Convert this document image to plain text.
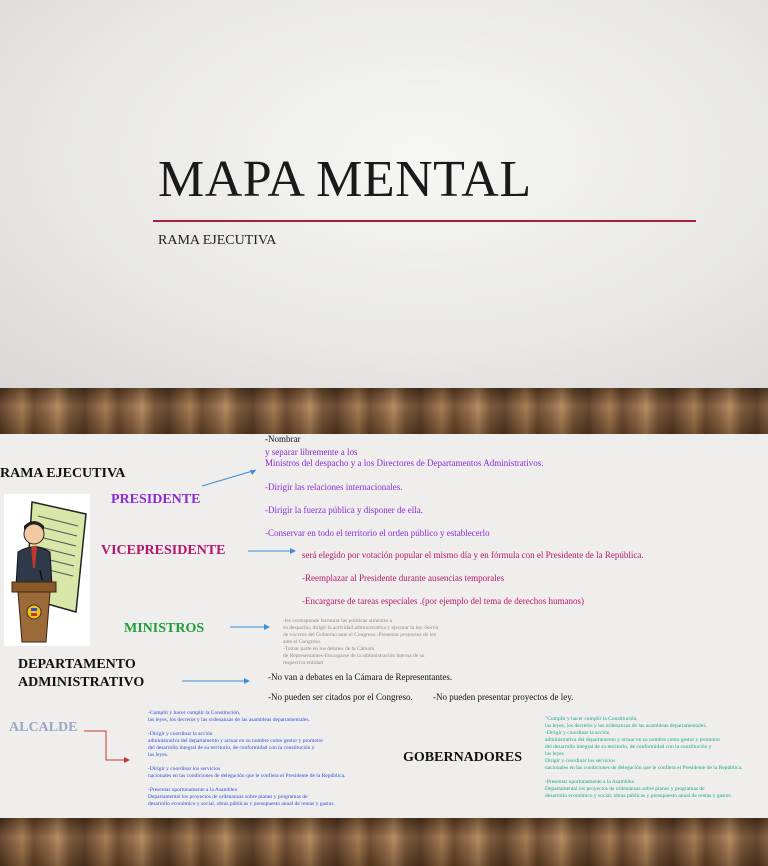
MAPA MENTAL
RAMA EJECUTIVA
RAMA EJECUTIVA
PRESIDENTE
-Nombrar
y separar libremente a los
Ministros del despacho y a los Directores de Departamentos Administrativos.
-Dirigir las relaciones internacionales.
-Dirigir la fuerza pública y disponer de ella.
-Conservar en todo el territorio el orden público y establecerlo
VICEPRESIDENTE	será elegido por votación popular el mismo día y en fórmula con el Presidente de la República.
-Reemplazar al Presidente durante ausencias temporales
-Encargarse de tareas especiales .(por ejemplo del tema de derechos humanos)
MINISTROS	-les corresponde formular las políticas atinentes a
su despacho, dirigir la actividad administrativa y ejecutar la ley.-Servir
de voceros del Gobierno ante el Congreso.-Presentar proyectos de ley
ante el Congreso.
-Tomar parte en los debates de la Cámara
de Representantes-Encargarse de la administración interna de su
respectiva entidad
DEPARTAMENTO
ADMINISTRATIVO	-No van a debates en la Cámara de Representantes.
-No pueden ser citados por el Congreso. -No pueden presentar proyectos de ley.
ALCALDE
-Cumplir y hacer cumplir la Constitución,
las leyes, los decretos y las ordenanzas de las asambleas departamentales.

-Dirigir y coordinar la acción
administrativa del departamento y actuar en su nombre como gestor y promotor
del desarrollo integral de su territorio, de conformidad con la constitución y
las leyes.

-Dirigir y coordinar los servicios
nacionales en las condiciones de delegación que le confiera el Presidente de la República.

-Presentar oportunamente a la Asamblea
Departamental los proyectos de ordenanzas sobre planes y programas de
desarrollo económico y social, obras públicas y presupuesto anual de rentas y gastos.
GOBERNADORES
"Cumplir y hacer cumplir la Constitución,
las leyes, los decretos y las ordenanzas de las asambleas departamentales.
-Dirigir y coordinar la acción
administrativa del departamento y actuar en su nombre como gestor y promotor
del desarrollo integral de su territorio, de conformidad con la constitución y
las leyes
Dirigir y coordinar los servicios
nacionales en las condiciones de delegación que le confiera el Presidente de la República.

-Presentar oportunamente a la Asamblea
Departamental los proyectos de ordenanzas sobre planes y programas de
desarrollo económico y social, obras públicas y presupuesto anual de rentas y gastos.
